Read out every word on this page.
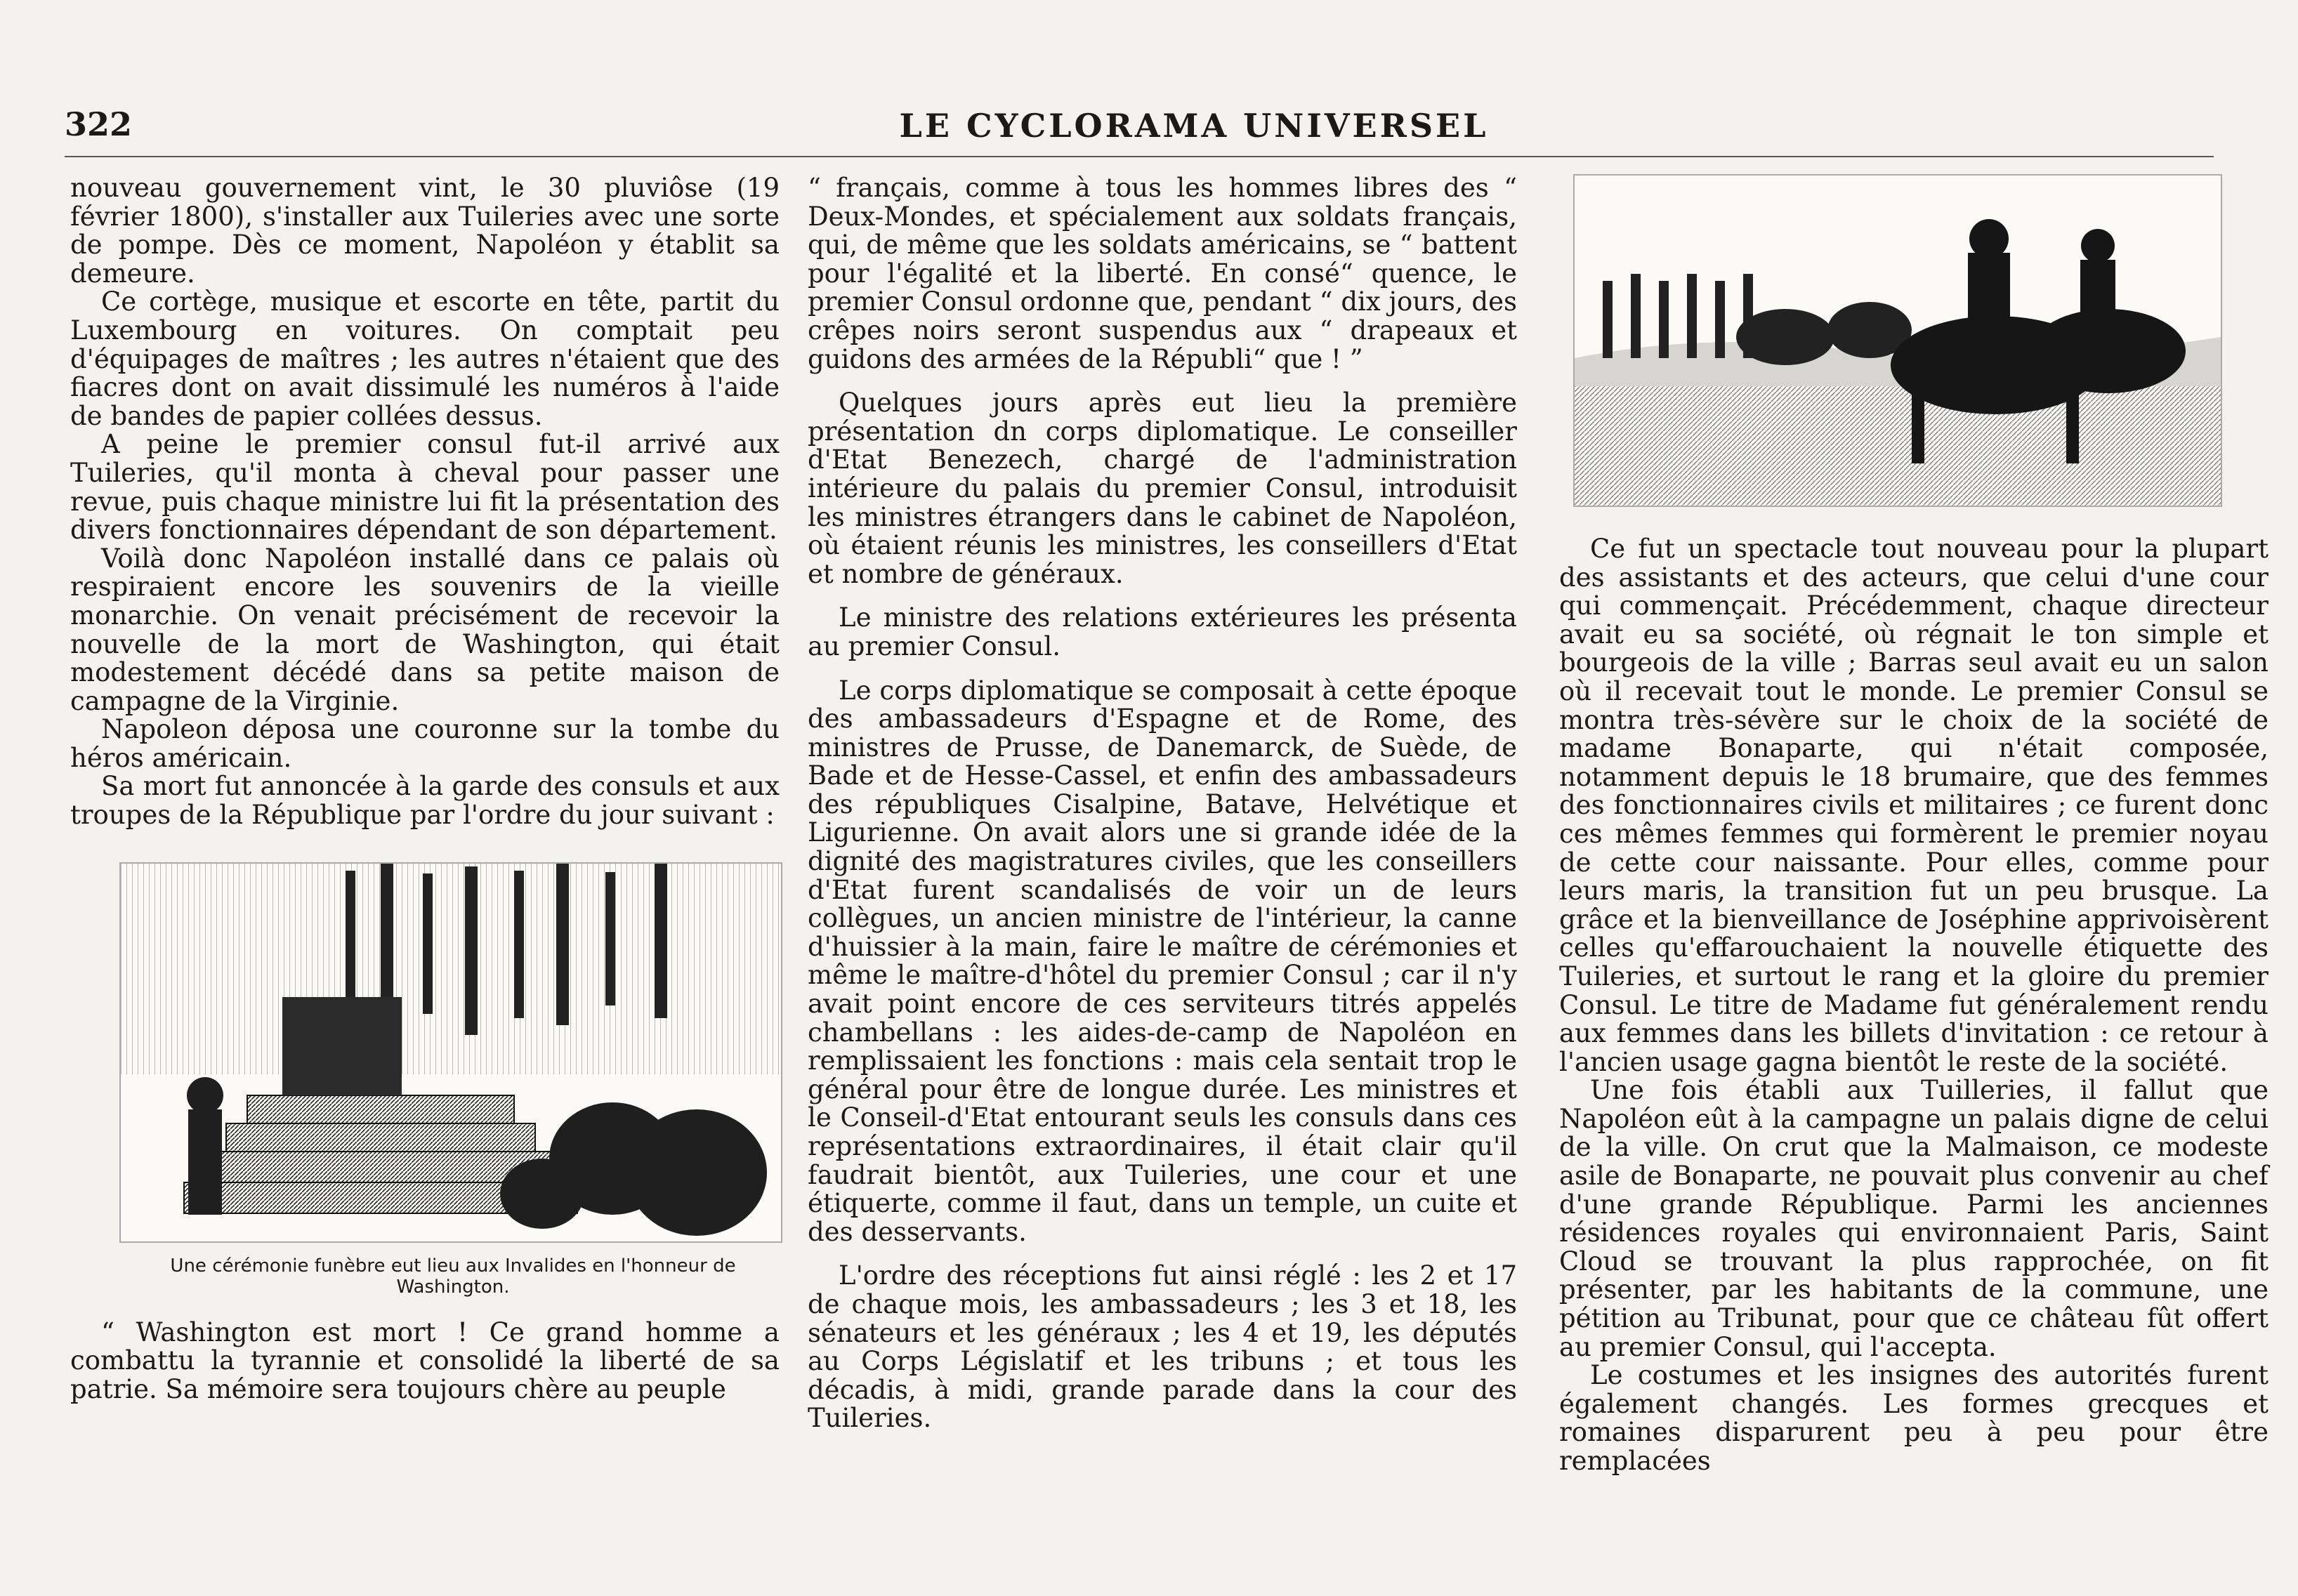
322	LE CYCLORAMA UNIVERSEL

nouveau gouvernement vint, le 30 pluviôse (19 février 1800), s'installer aux Tuileries avec une sorte de pompe. Dès ce moment, Napoléon y établit sa demeure.

Ce cortège, musique et escorte en tête, partit du Luxembourg en voitures. On comptait peu d'équipages de maîtres ; les autres n'étaient que des fiacres dont on avait dissimulé les numéros à l'aide de bandes de papier collées dessus.

A peine le premier consul fut-il arrivé aux Tuileries, qu'il monta à cheval pour passer une revue, puis chaque ministre lui fit la présentation des divers fonctionnaires dépendant de son département.

Voilà donc Napoléon installé dans ce palais où respiraient encore les souvenirs de la vieille monarchie. On venait précisément de recevoir la nouvelle de la mort de Washington, qui était modestement décédé dans sa petite maison de campagne de la Virginie.

Napoleon déposa une couronne sur la tombe du héros américain.

Sa mort fut annoncée à la garde des consuls et aux troupes de la République par l'ordre du jour suivant :

Une cérémonie funèbre eut lieu aux Invalides en l'honneur de Washington.

“ Washington est mort ! Ce grand homme a combattu la tyrannie et consolidé la liberté de sa patrie. Sa mémoire sera toujours chère au peuple

“ français, comme à tous les hommes libres des “ Deux-Mondes, et spécialement aux soldats français, qui, de même que les soldats américains, se “ battent pour l'égalité et la liberté. En consé“ quence, le premier Consul ordonne que, pendant “ dix jours, des crêpes noirs seront suspendus aux “ drapeaux et guidons des armées de la Républi“ que ! ”

Quelques jours après eut lieu la première présentation dn corps diplomatique. Le conseiller d'Etat Benezech, chargé de l'administration intérieure du palais du premier Consul, introduisit les ministres étrangers dans le cabinet de Napoléon, où étaient réunis les ministres, les conseillers d'Etat et nombre de généraux.

Le ministre des relations extérieures les présenta au premier Consul.

Le corps diplomatique se composait à cette époque des ambassadeurs d'Espagne et de Rome, des ministres de Prusse, de Danemarck, de Suède, de Bade et de Hesse-Cassel, et enfin des ambassadeurs des républiques Cisalpine, Batave, Helvétique et Ligurienne. On avait alors une si grande idée de la dignité des magistratures civiles, que les conseillers d'Etat furent scandalisés de voir un de leurs collègues, un ancien ministre de l'intérieur, la canne d'huissier à la main, faire le maître de cérémonies et même le maître-d'hôtel du premier Consul ; car il n'y avait point encore de ces serviteurs titrés appelés chambellans : les aides-de-camp de Napoléon en remplissaient les fonctions : mais cela sentait trop le général pour être de longue durée. Les ministres et le Conseil-d'Etat entourant seuls les consuls dans ces représentations extraordinaires, il était clair qu'il faudrait bientôt, aux Tuileries, une cour et une étiquerte, comme il faut, dans un temple, un cuite et des desservants.

L'ordre des réceptions fut ainsi réglé : les 2 et 17 de chaque mois, les ambassadeurs ; les 3 et 18, les sénateurs et les généraux ; les 4 et 19, les députés au Corps Législatif et les tribuns ; et tous les décadis, à midi, grande parade dans la cour des Tuileries.

Ce fut un spectacle tout nouveau pour la plupart des assistants et des acteurs, que celui d'une cour qui commençait. Précédemment, chaque directeur avait eu sa société, où régnait le ton simple et bourgeois de la ville ; Barras seul avait eu un salon où il recevait tout le monde. Le premier Consul se montra très-sévère sur le choix de la société de madame Bonaparte, qui n'était composée, notamment depuis le 18 brumaire, que des femmes des fonctionnaires civils et militaires ; ce furent donc ces mêmes femmes qui formèrent le premier noyau de cette cour naissante. Pour elles, comme pour leurs maris, la transition fut un peu brusque. La grâce et la bienveillance de Joséphine apprivoisèrent celles qu'effarouchaient la nouvelle étiquette des Tuileries, et surtout le rang et la gloire du premier Consul. Le titre de Madame fut généralement rendu aux femmes dans les billets d'invitation : ce retour à l'ancien usage gagna bientôt le reste de la société.

Une fois établi aux Tuilleries, il fallut que Napoléon eût à la campagne un palais digne de celui de la ville. On crut que la Malmaison, ce modeste asile de Bonaparte, ne pouvait plus convenir au chef d'une grande République. Parmi les anciennes résidences royales qui environnaient Paris, Saint Cloud se trouvant la plus rapprochée, on fit présenter, par les habitants de la commune, une pétition au Tribunat, pour que ce château fût offert au premier Consul, qui l'accepta.

Le costumes et les insignes des autorités furent également changés. Les formes grecques et romaines disparurent peu à peu pour être remplacées
